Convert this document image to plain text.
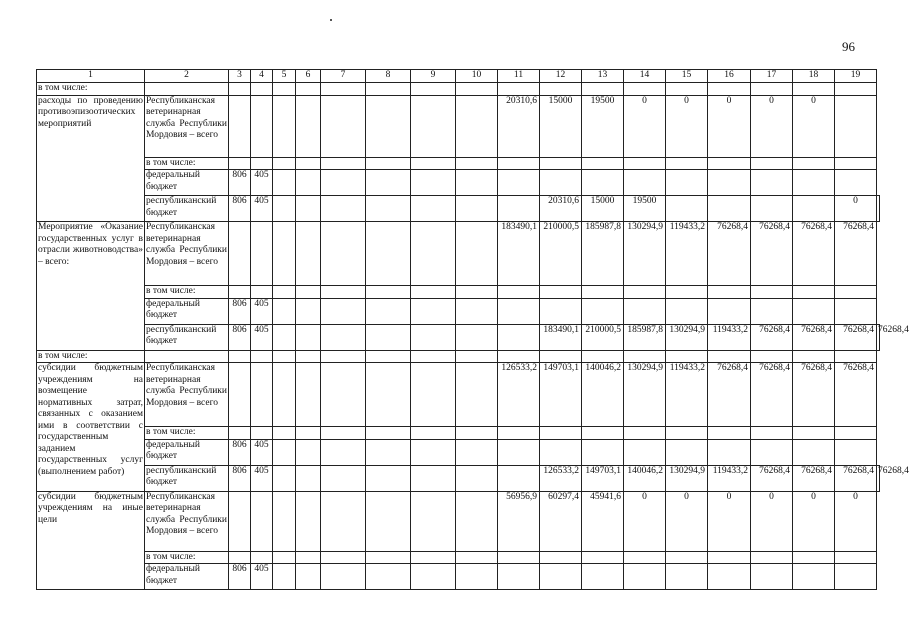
96
1	2	3	4	5	6	7	8	9	10	11	12	13	14	15	16	17	18	19	
в том числе:																			
расходы по проведению противоэпизоотических мероприятий	Республиканская ветеринарная служба Республики Мордовия – всего									20310,6	15000	19500	0	0	0	0	0		
	в том числе:																		
	федеральный бюджет	806	405																
	республиканский бюджет	806	405								20310,6	15000	19500					0	
Мероприятие «Оказание государственных услуг в отрасли животноводства» – всего:	Республиканская ветеринарная служба Республики Мордовия – всего									183490,1	210000,5	185987,8	130294,9	119433,2	76268,4	76268,4	76268,4	76268,4	
	в том числе:																		
	федеральный бюджет	806	405																
	республиканский бюджет	806	405								183490,1	210000,5	185987,8	130294,9	119433,2	76268,4	76268,4	76268,4	76268,4
в том числе:																			
субсидии бюджетным учреждениям на возмещение нормативных затрат, связанных с оказанием ими в соответствии с государственным заданием государственных услуг (выполнением работ)	Республиканская ветеринарная служба Республики Мордовия – всего									126533,2	149703,1	140046,2	130294,9	119433,2	76268,4	76268,4	76268,4	76268,4	
	в том числе:																		
	федеральный бюджет	806	405																
	республиканский бюджет	806	405								126533,2	149703,1	140046,2	130294,9	119433,2	76268,4	76268,4	76268,4	76268,4
субсидии бюджетным учреждениям на иные цели	Республиканская ветеринарная служба Республики Мордовия – всего									56956,9	60297,4	45941,6	0	0	0	0	0	0	
	в том числе:																		
	федеральный бюджет	806	405																
